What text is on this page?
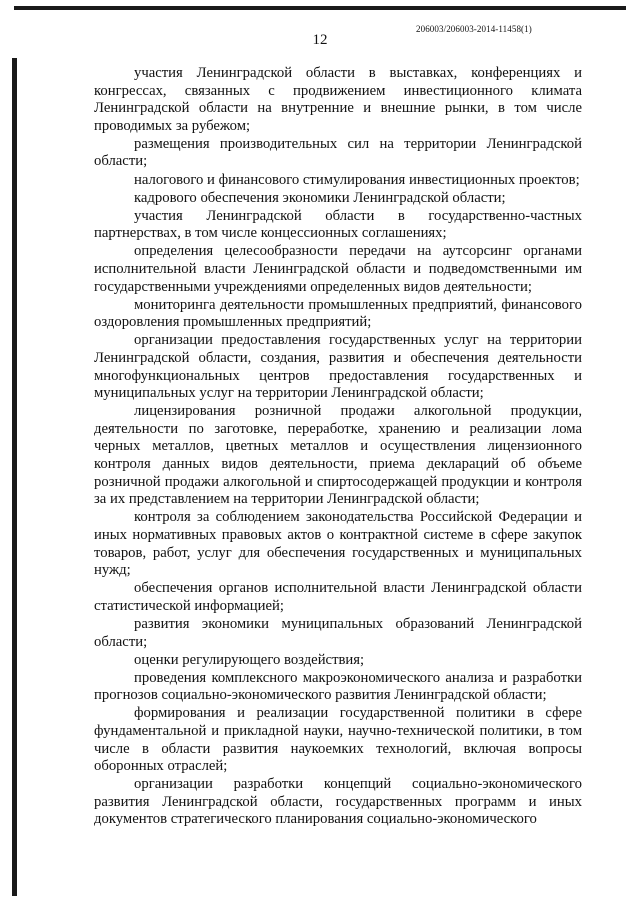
206003/206003-2014-11458(1)
12

участия Ленинградской области в выставках, конференциях и конгрессах, связанных с продвижением инвестиционного климата Ленинградской области на внутренние и внешние рынки, в том числе проводимых за рубежом;

размещения производительных сил на территории Ленинградской области;

налогового и финансового стимулирования инвестиционных проектов;

кадрового обеспечения экономики Ленинградской области;

участия Ленинградской области в государственно-частных партнерствах, в том числе концессионных соглашениях;

определения целесообразности передачи на аутсорсинг органами исполнительной власти Ленинградской области и подведомственными им государственными учреждениями определенных видов деятельности;

мониторинга деятельности промышленных предприятий, финансового оздоровления промышленных предприятий;

организации предоставления государственных услуг на территории Ленинградской области, создания, развития и обеспечения деятельности многофункциональных центров предоставления государственных и муниципальных услуг на территории Ленинградской области;

лицензирования розничной продажи алкогольной продукции, деятельности по заготовке, переработке, хранению и реализации лома черных металлов, цветных металлов и осуществления лицензионного контроля данных видов деятельности, приема деклараций об объеме розничной продажи алкогольной и спиртосодержащей продукции и контроля за их представлением на территории Ленинградской области;

контроля за соблюдением законодательства Российской Федерации и иных нормативных правовых актов о контрактной системе в сфере закупок товаров, работ, услуг для обеспечения государственных и муниципальных нужд;

обеспечения органов исполнительной власти Ленинградской области статистической информацией;

развития экономики муниципальных образований Ленинградской области;

оценки регулирующего воздействия;

проведения комплексного макроэкономического анализа и разработки прогнозов социально-экономического развития Ленинградской области;

формирования и реализации государственной политики в сфере фундаментальной и прикладной науки, научно-технической политики, в том числе в области развития наукоемких технологий, включая вопросы оборонных отраслей;

организации разработки концепций социально-экономического развития Ленинградской области, государственных программ и иных документов стратегического планирования социально-экономического
